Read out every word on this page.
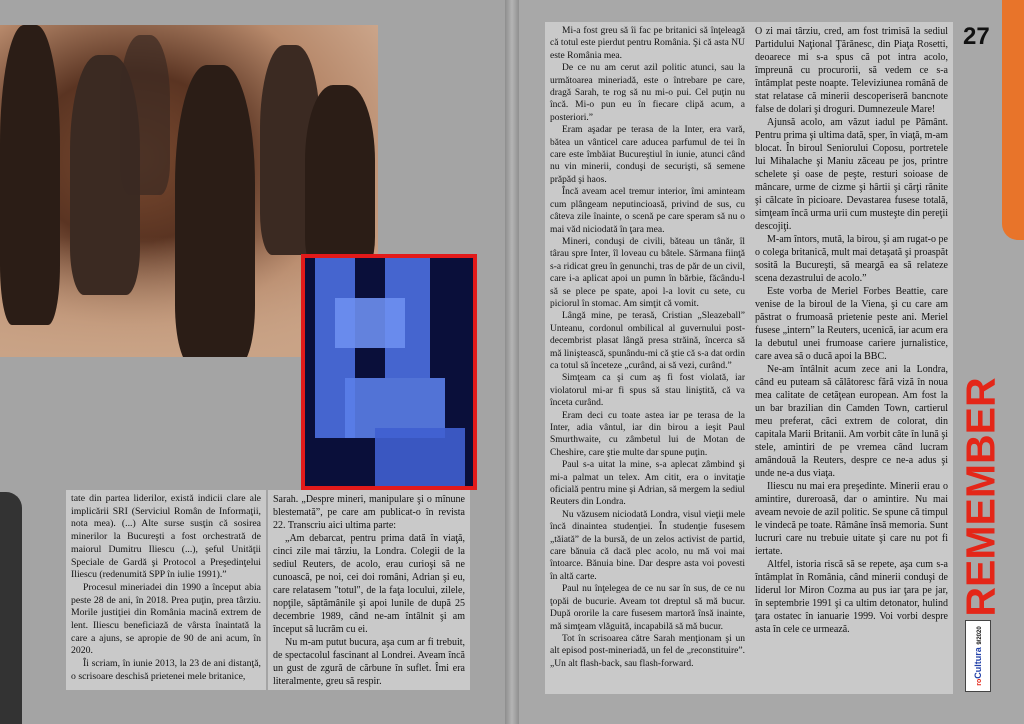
tate din partea liderilor, există indicii clare ale implicării SRI (Serviciul Român de Informaţii, nota mea). (...) Alte surse susţin că sosirea minerilor la Bucureşti a fost orchestrată de maiorul Dumitru Iliescu (...), şeful Unităţii Speciale de Gardă şi Protocol a Preşedinţelui Iliescu (redenumită SPP în iulie 1991).”

Procesul mineriadei din 1990 a început abia peste 28 de ani, în 2018. Prea puţin, prea târziu. Morile justiţiei din România macină extrem de lent. Iliescu beneficiază de vârsta înaintată la care a ajuns, se apropie de 90 de ani acum, în 2020.

Îi scriam, în iunie 2013, la 23 de ani distanţă, o scrisoare deschisă prietenei mele britanice,

Sarah. „Despre mineri, manipulare şi o mînune blestemată”, pe care am publicat-o în revista 22. Transcriu aici ultima parte:

„Am debarcat, pentru prima dată în viaţă, cinci zile mai târziu, la Londra. Colegii de la sediul Reuters, de acolo, erau curioşi să ne cunoască, pe noi, cei doi români, Adrian şi eu, care relatasem "totul", de la faţa locului, zilele, nopţile, săptămânile şi apoi lunile de după 25 decembrie 1989, când ne-am întâlnit şi am început să lucrăm cu ei.

Nu m-am putut bucura, aşa cum ar fi trebuit, de spectacolul fascinant al Londrei. Aveam încă un gust de zgură de cărbune în suflet. Îmi era literalmente, greu să respir.

Mi-a fost greu să îi fac pe britanici să înţeleagă că totul este pierdut pentru România. Şi că asta NU este România mea.

De ce nu am cerut azil politic atunci, sau la următoarea mineriadă, este o întrebare pe care, dragă Sarah, te rog să nu mi-o pui. Cel puţin nu încă. Mi-o pun eu în fiecare clipă acum, a posteriori.”

Eram aşadar pe terasa de la Inter, era vară, bătea un vânticel care aducea parfumul de tei în care este îmbăiat Bucureştiul în iunie, atunci când nu vin minerii, conduşi de securişti, să semene prăpăd şi haos.

Încă aveam acel tremur interior, îmi aminteam cum plângeam neputincioasă, privind de sus, cu câteva zile înainte, o scenă pe care speram să nu o mai văd niciodată în ţara mea.

Mineri, conduşi de civili, băteau un tânăr, îl târau spre Inter, îl loveau cu bâtele. Sărmana fiinţă s-a ridicat greu în genunchi, tras de păr de un civil, care i-a aplicat apoi un pumn în bărbie, făcându-l să se plece pe spate, apoi l-a lovit cu sete, cu piciorul în stomac. Am simţit că vomit.

Lângă mine, pe terasă, Cristian „Sleazeball” Unteanu, cordonul ombilical al guvernului post-decembrist plasat lângă presa străină, încerca să mă liniştească, spunându-mi că ştie că s-a dat ordin ca totul să înceteze „curând, ai să vezi, curând.”

Simţeam ca şi cum aş fi fost violată, iar violatorul mi-ar fi spus să stau liniştită, că va înceta curând.

Eram deci cu toate astea iar pe terasa de la Inter, adia vântul, iar din birou a ieşit Paul Smurthwaite, cu zâmbetul lui de Motan de Cheshire, care ştie multe dar spune puţin.

Paul s-a uitat la mine, s-a aplecat zâmbind şi mi-a palmat un telex. Am citit, era o invitaţie oficială pentru mine şi Adrian, să mergem la sediul Reuters din Londra.

Nu văzusem niciodată Londra, visul vieţii mele încă dinaintea studenţiei. În studenţie fusesem „tăiată” de la bursă, de un zelos activist de partid, care bănuia că dacă plec acolo, nu mă voi mai întoarce. Bănuia bine. Dar despre asta voi povesti în altă carte.

Paul nu înţelegea de ce nu sar în sus, de ce nu ţopăi de bucurie. Aveam tot dreptul să mă bucur. După ororile la care fusesem martoră însă inainte, mă simţeam vlăguită, incapabilă să mă bucur.

Tot în scrisoarea către Sarah menţionam şi un alt episod post-mineriadă, un fel de „reconstituire”. „Un alt flash-back, sau flash-forward.

O zi mai târziu, cred, am fost trimisă la sediul Partidului Naţional Ţărănesc, din Piaţa Rosetti, deoarece mi s-a spus că pot intra acolo, împreună cu procurorii, să vedem ce s-a întâmplat peste noapte. Televiziunea română de stat relatase că minerii descoperiseră bancnote false de dolari şi droguri. Dumnezeule Mare!

Ajunsă acolo, am văzut iadul pe Pământ. Pentru prima şi ultima dată, sper, în viaţă, m-am blocat. În biroul Seniorului Coposu, portretele lui Mihalache şi Maniu zăceau pe jos, printre schelete şi oase de peşte, resturi soioase de mâncare, urme de cizme şi hârtii şi cărţi rănite şi călcate în picioare. Devastarea fusese totală, simţeam încă urma urii cum musteşte din pereţii descojiţi.

M-am întors, mută, la birou, şi am rugat-o pe o colega britanică, mult mai detaşată şi proaspăt sosită la Bucureşti, să meargă ea să relateze scena dezastrului de acolo.”

Este vorba de Meriel Forbes Beattie, care venise de la biroul de la Viena, şi cu care am păstrat o frumoasă prietenie peste ani. Meriel fusese „intern” la Reuters, ucenică, iar acum era la debutul unei frumoase cariere jurnalistice, care avea să o ducă apoi la BBC.

Ne-am întâlnit acum zece ani la Londra, când eu puteam să călătoresc fără viză în noua mea calitate de cetăţean european. Am fost la un bar brazilian din Camden Town, cartierul meu preferat, căci extrem de colorat, din capitala Marii Britanii. Am vorbit câte în lună şi stele, amintiri de pe vremea când lucram amândouă la Reuters, despre ce ne-a adus şi unde ne-a dus viaţa.

Iliescu nu mai era preşedinte. Minerii erau o amintire, dureroasă, dar o amintire. Nu mai aveam nevoie de azil politic. Se spune că timpul le vindecă pe toate. Rămâne însă memoria. Sunt lucruri care nu trebuie uitate şi care nu pot fi iertate.

Altfel, istoria riscă să se repete, aşa cum s-a întâmplat în România, când minerii conduşi de liderul lor Miron Cozma au pus iar ţara pe jar, în septembrie 1991 şi ca ultim detonator, hulind ţara ostatec în ianuarie 1999. Voi vorbi despre asta în cele ce urmează.

27
REMEMBER
roCultura 9/2020
